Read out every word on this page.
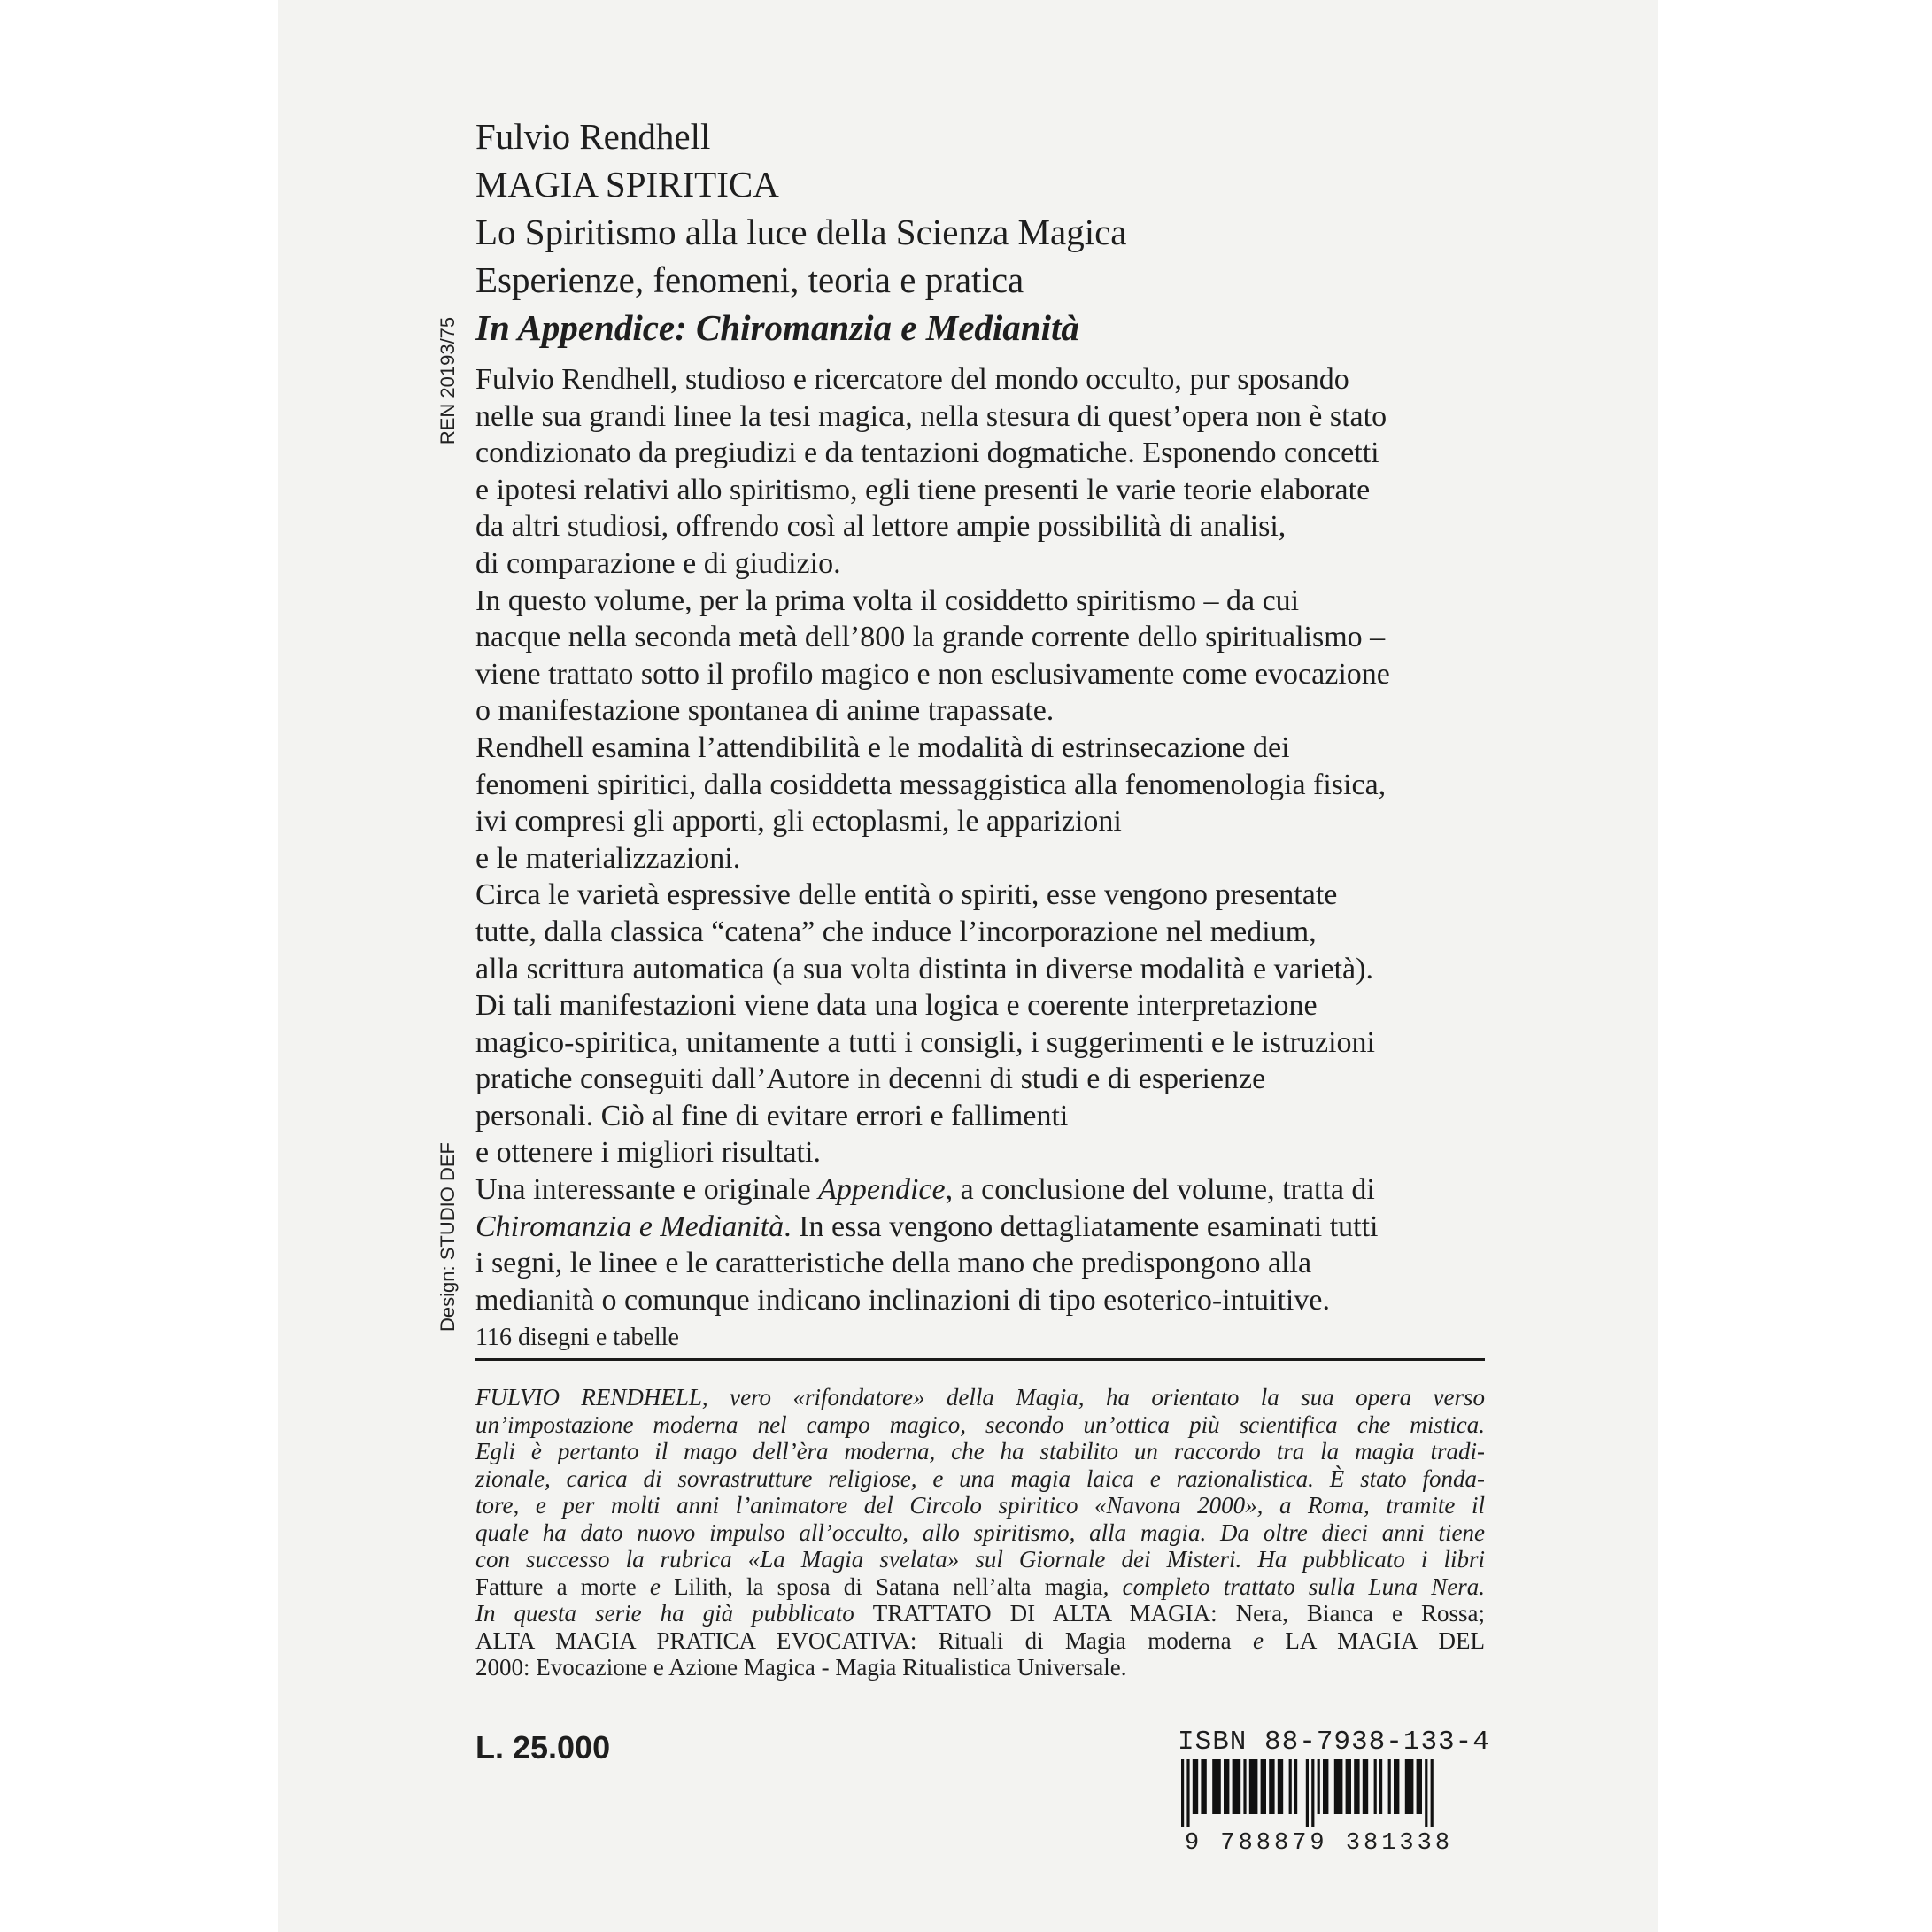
REN 20193/75
Design: STUDIO DEF
Fulvio Rendhell
MAGIA SPIRITICA
Lo Spiritismo alla luce della Scienza Magica
Esperienze, fenomeni, teoria e pratica
In Appendice: Chiromanzia e Medianità
Fulvio Rendhell, studioso e ricercatore del mondo occulto, pur sposando
nelle sua grandi linee la tesi magica, nella stesura di quest’opera non è stato
condizionato da pregiudizi e da tentazioni dogmatiche. Esponendo concetti
e ipotesi relativi allo spiritismo, egli tiene presenti le varie teorie elaborate
da altri studiosi, offrendo così al lettore ampie possibilità di analisi,
di comparazione e di giudizio.
In questo volume, per la prima volta il cosiddetto spiritismo – da cui
nacque nella seconda metà dell’800 la grande corrente dello spiritualismo –
viene trattato sotto il profilo magico e non esclusivamente come evocazione
o manifestazione spontanea di anime trapassate.
Rendhell esamina l’attendibilità e le modalità di estrinsecazione dei
fenomeni spiritici, dalla cosiddetta messaggistica alla fenomenologia fisica,
ivi compresi gli apporti, gli ectoplasmi, le apparizioni
e le materializzazioni.
Circa le varietà espressive delle entità o spiriti, esse vengono presentate
tutte, dalla classica “catena” che induce l’incorporazione nel medium,
alla scrittura automatica (a sua volta distinta in diverse modalità e varietà).
Di tali manifestazioni viene data una logica e coerente interpretazione
magico-spiritica, unitamente a tutti i consigli, i suggerimenti e le istruzioni
pratiche conseguiti dall’Autore in decenni di studi e di esperienze
personali. Ciò al fine di evitare errori e fallimenti
e ottenere i migliori risultati.
Una interessante e originale Appendice, a conclusione del volume, tratta di
Chiromanzia e Medianità. In essa vengono dettagliatamente esaminati tutti
i segni, le linee e le caratteristiche della mano che predispongono alla
medianità o comunque indicano inclinazioni di tipo esoterico-intuitive.
116 disegni e tabelle
FULVIO RENDHELL, vero «rifondatore» della Magia, ha orientato la sua opera verso
un’impostazione moderna nel campo magico, secondo un’ottica più scientifica che mistica.
Egli è pertanto il mago dell’èra moderna, che ha stabilito un raccordo tra la magia tradi-
zionale, carica di sovrastrutture religiose, e una magia laica e razionalistica. È stato fonda-
tore, e per molti anni l’animatore del Circolo spiritico «Navona 2000», a Roma, tramite il
quale ha dato nuovo impulso all’occulto, allo spiritismo, alla magia. Da oltre dieci anni tiene
con successo la rubrica «La Magia svelata» sul Giornale dei Misteri. Ha pubblicato i libri
Fatture a morte e Lilith, la sposa di Satana nell’alta magia, completo trattato sulla Luna Nera.
In questa serie ha già pubblicato TRATTATO DI ALTA MAGIA: Nera, Bianca e Rossa;
ALTA MAGIA PRATICA EVOCATIVA: Rituali di Magia moderna e LA MAGIA DEL
2000: Evocazione e Azione Magica - Magia Ritualistica Universale.
L. 25.000	ISBN 88-7938-133-4
9 788879 381338
